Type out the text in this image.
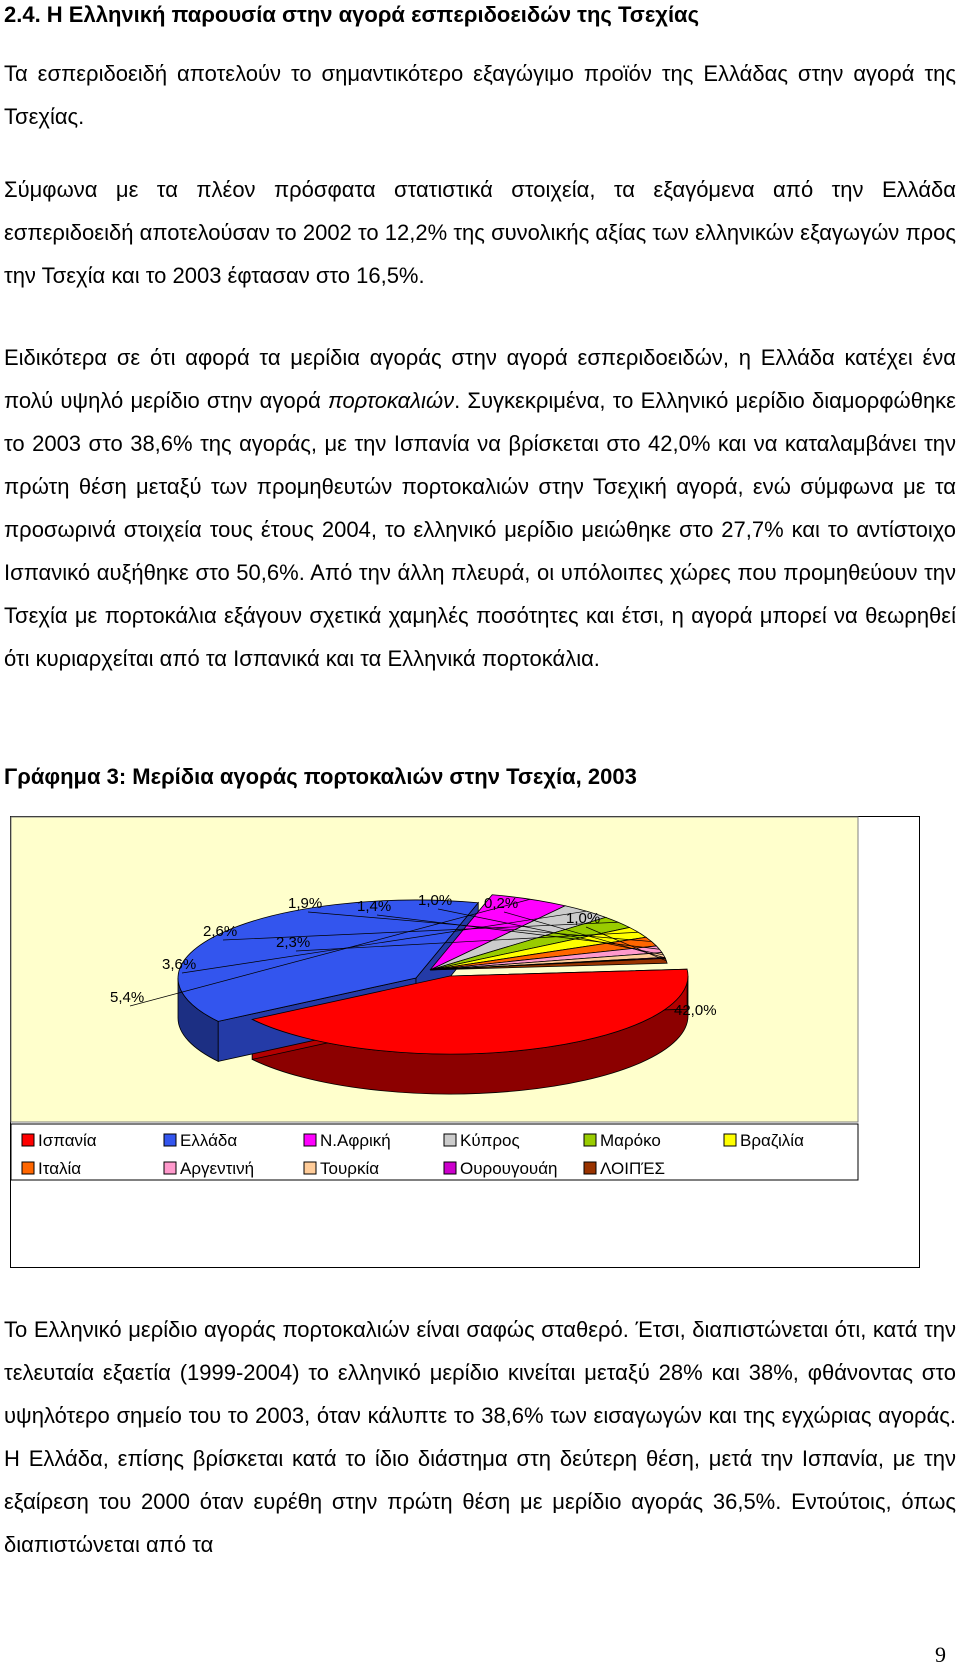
2.4. Η Ελληνική παρουσία στην αγορά εσπεριδοειδών της Τσεχίας

Τα εσπεριδοειδή αποτελούν το σημαντικότερο εξαγώγιμο προϊόν της Ελλάδας στην αγορά της Τσεχίας.

Σύμφωνα με τα πλέον πρόσφατα στατιστικά στοιχεία, τα εξαγόμενα από την Ελλάδα εσπεριδοειδή αποτελούσαν το 2002 το 12,2% της συνολικής αξίας των ελληνικών εξαγωγών προς την Τσεχία και το 2003 έφτασαν στο 16,5%.

Ειδικότερα σε ότι αφορά τα μερίδια αγοράς στην αγορά εσπεριδοειδών, η Ελλάδα κατέχει ένα πολύ υψηλό μερίδιο στην αγορά πορτοκαλιών. Συγκεκριμένα, το Ελληνικό μερίδιο διαμορφώθηκε το 2003 στο 38,6% της αγοράς, με την Ισπανία να βρίσκεται στο 42,0% και να καταλαμβάνει την πρώτη θέση μεταξύ των προμηθευτών πορτοκαλιών στην Τσεχική αγορά, ενώ σύμφωνα με τα προσωρινά στοιχεία τους έτους 2004, το ελληνικό μερίδιο μειώθηκε στο 27,7% και το αντίστοιχο Ισπανικό αυξήθηκε στο 50,6%. Από την άλλη πλευρά, οι υπόλοιπες χώρες που προμηθεύουν την Τσεχία με πορτοκάλια εξάγουν σχετικά χαμηλές ποσότητες και έτσι, η αγορά μπορεί να θεωρηθεί ότι κυριαρχείται από τα Ισπανικά και τα Ελληνικά πορτοκάλια.

Γράφημα 3: Μερίδια αγοράς πορτοκαλιών στην Τσεχία, 2003
42,0%
5,4%
3,6%
2,6%
2,3%
1,9% 1,4% 1,0% 0,2%
1,0%
Ισπανία	Ελλάδα	Ν.Αφρική	Κύπρος	Μαρόκο	Βραζιλία
Ιταλία	Αργεντινή	Τουρκία	Ουρουγουάη	ΛΟΙΠΈΣ

Το Ελληνικό μερίδιο αγοράς πορτοκαλιών είναι σαφώς σταθερό. Έτσι, διαπιστώνεται ότι, κατά την τελευταία εξαετία (1999-2004) το ελληνικό μερίδιο κινείται μεταξύ 28% και 38%, φθάνοντας στο υψηλότερο σημείο του το 2003, όταν κάλυπτε το 38,6% των εισαγωγών και της εγχώριας αγοράς. Η Ελλάδα, επίσης βρίσκεται κατά το ίδιο διάστημα στη δεύτερη θέση, μετά την Ισπανία, με την εξαίρεση του 2000 όταν ευρέθη στην πρώτη θέση με μερίδιο αγοράς 36,5%. Εντούτοις, όπως διαπιστώνεται από τα

9
